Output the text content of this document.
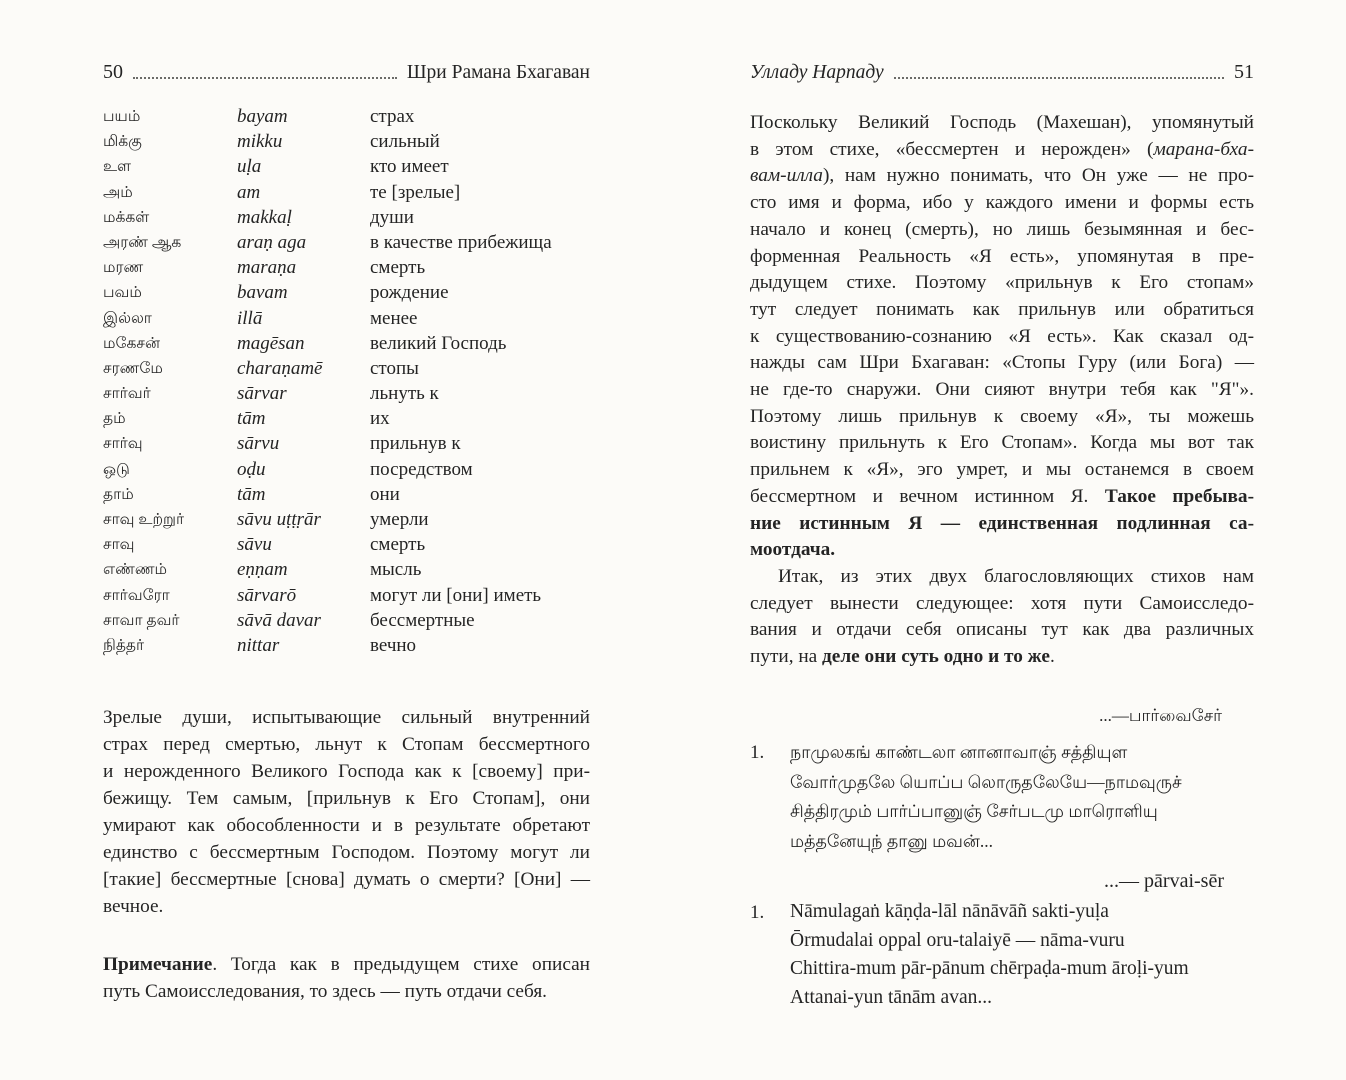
50	Шри Рамана Бхагаван
பயம்	bayam	страх
மிக்கு	mikku	сильный
உள	uḷa	кто имеет
அம்	am	те [зрелые]
மக்கள்	makkaḷ	души
அரண் ஆக	araṇ aga	в качестве прибежища
மரண	maraṇa	смерть
பவம்	bavam	рождение
இல்லா	illā	менее
மகேசன்	magēsan	великий Господь
சரணமே	charaṇamē	стопы
சார்வர்	sārvar	льнуть к
தம்	tām	их
சார்வு	sārvu	прильнув к
ஒடு	oḍu	посредством
தாம்	tām	они
சாவு உற்றுர்	sāvu uṭṭṛār	умерли
சாவு	sāvu	смерть
எண்ணம்	eṇṇam	мысль
சார்வரோ	sārvarō	могут ли [они] иметь
சாவா தவர்	sāvā davar	бессмертные
நித்தர்	nittar	вечно
Зрелые души, испытывающие сильный внутренний
страх перед смертью, льнут к Стопам бессмертного
и нерожденного Великого Господа как к [своему] при-
бежищу. Тем самым, [прильнув к Его Стопам], они
умирают как обособленности и в результате обретают
единство с бессмертным Господом. Поэтому могут ли
[такие] бессмертные [снова] думать о смерти? [Они] —
вечное.
Примечание. Тогда как в предыдущем стихе описан
путь Самоисследования, то здесь — путь отдачи себя.
Улладу Нарпаду	51
Поскольку Великий Господь (Махешан), упомянутый
в этом стихе, «бессмертен и нерожден» (марана-бха-
вам-илла), нам нужно понимать, что Он уже — не про-
сто имя и форма, ибо у каждого имени и формы есть
начало и конец (смерть), но лишь безымянная и бес-
форменная Реальность «Я есть», упомянутая в пре-
дыдущем стихе. Поэтому «прильнув к Его стопам»
тут следует понимать как прильнув или обратиться
к существованию-сознанию «Я есть». Как сказал од-
нажды сам Шри Бхагаван: «Стопы Гуру (или Бога) —
не где-то снаружи. Они сияют внутри тебя как "Я"».
Поэтому лишь прильнув к своему «Я», ты можешь
воистину прильнуть к Его Стопам». Когда мы вот так
прильнем к «Я», эго умрет, и мы останемся в своем
бессмертном и вечном истинном Я. Такое пребыва-
ние истинным Я — единственная подлинная са-
моотдача.
Итак, из этих двух благословляющих стихов нам
следует вынести следующее: хотя пути Самоисследо-
вания и отдачи себя описаны тут как два различных
пути, на деле они суть одно и то же.
...—பார்வைசேர்
1.	நாமுலகங் காண்டலா னானாவாஞ் சத்தியுள
வோர்முதலே யொப்ப லொருதலேயே—நாமவுருச்
சித்திரமும் பார்ப்பானுஞ் சேர்படமு மாரொளியு
மத்தனேயுந் தானு மவன்...
...— pārvai-sēr
1.	Nāmulagaṅ kāṇḍa-lāl nānāvāñ sakti-yuḷa
Ōrmudalai oppal oru-talaiyē — nāma-vuru
Chittira-mum pār-pānum chērpaḍa-mum āroḷi-yum
Attanai-yun tānām avan...
